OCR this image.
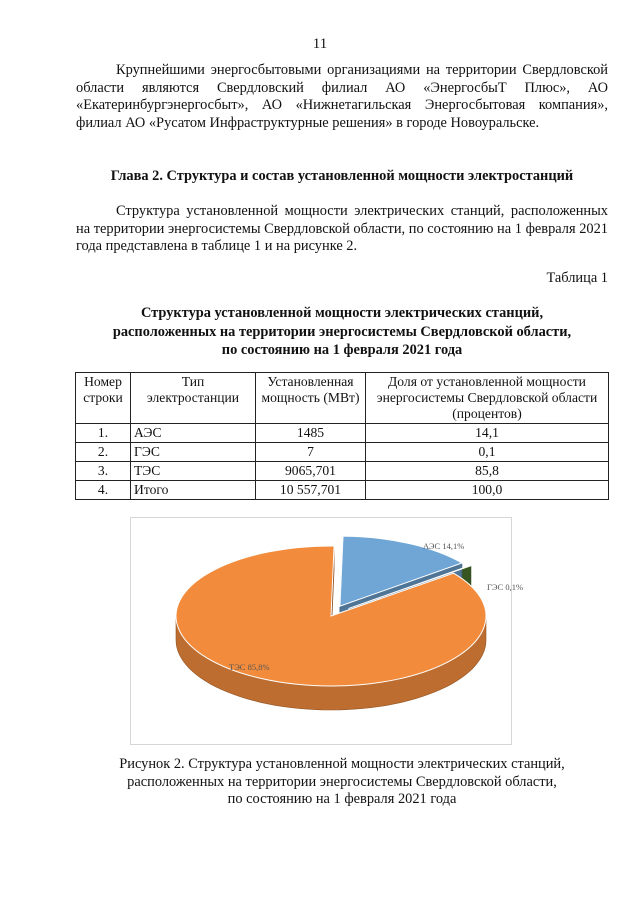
11

Крупнейшими энергосбытовыми организациями на территории Свердловской области являются Свердловский филиал АО «ЭнергосбыТ Плюс», АО «Екатеринбургэнергосбыт», АО «Нижнетагильская Энергосбытовая компания», филиал АО «Русатом Инфраструктурные решения» в городе Новоуральске.

Глава 2. Структура и состав установленной мощности электростанций

Структура установленной мощности электрических станций, расположенных на территории энергосистемы Свердловской области, по состоянию на 1 февраля 2021 года представлена в таблице 1 и на рисунке 2.

Таблица 1
Структура установленной мощности электрических станций,
расположенных на территории энергосистемы Свердловской области,
по состоянию на 1 февраля 2021 года
Номер строки	Тип электростанции	Установленная мощность (МВт)	Доля от установленной мощности энергосистемы Свердловской области (процентов)
1.	АЭС	1485	14,1
2.	ГЭС	7	0,1
3.	ТЭС	9065,701	85,8
4.	Итого	10 557,701	100,0
АЭС 14,1%
ГЭС 0,1%
ТЭС 85,8%
Рисунок 2. Структура установленной мощности электрических станций,
расположенных на территории энергосистемы Свердловской области,
по состоянию на 1 февраля 2021 года
